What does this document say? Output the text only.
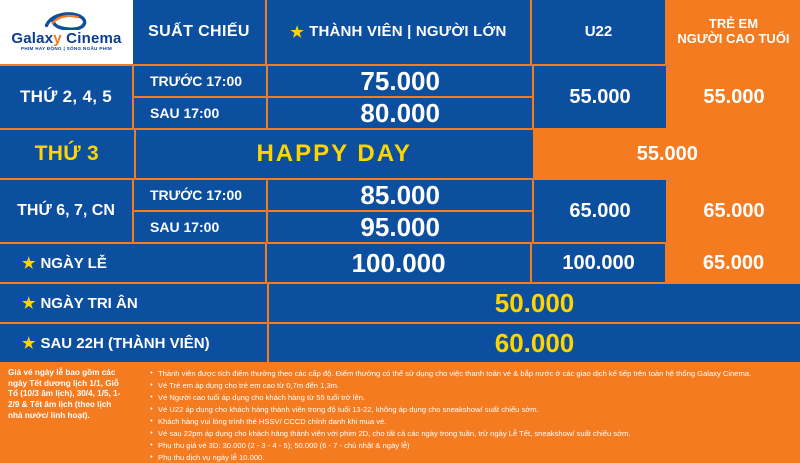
Galaxy Cinema
PHIM HAY ĐỘNG | SỐNG NGẦU PHIM
SUẤT CHIẾU	★ THÀNH VIÊN | NGƯỜI LỚN	U22	TRẺ EM
NGƯỜI CAO TUỔI
THỨ 2, 4, 5
TRƯỚC 17:00	75.000
SAU 17:00	80.000
55.000	55.000
THỨ 3	HAPPY DAY	55.000
THỨ 6, 7, CN
TRƯỚC 17:00	85.000
SAU 17:00	95.000
65.000	65.000
★ NGÀY LỄ	100.000	100.000	65.000
★ NGÀY TRI ÂN	50.000
★ SAU 22H (THÀNH VIÊN)	60.000
Giá vé ngày lễ bao gồm các ngày Tết dương lịch 1/1, Giỗ Tổ (10/3 âm lịch), 30/4, 1/5, 1-2/9 & Tết âm lịch (theo lịch nhà nước/ linh hoạt).
• Thành viên được tích điểm thưởng theo các cấp độ. Điểm thưởng có thể sử dụng cho việc thanh toán vé & bắp nước ở các giao dịch kế tiếp trên toàn hệ thống Galaxy Cinema.
• Vé Trẻ em áp dụng cho trẻ em cao từ 0,7m đến 1,3m.
• Vé Người cao tuổi áp dụng cho khách hàng từ 55 tuổi trở lên.
• Vé U22 áp dụng cho khách hàng thành viên trong độ tuổi 13-22, không áp dụng cho sneakshow/ suất chiếu sớm.
• Khách hàng vui lòng trình thẻ HSSV/ CCCD chính danh khi mua vé.
• Vé sau 22pm áp dụng cho khách hàng thành viên với phim 2D, cho tất cả các ngày trong tuần, trừ ngày Lễ Tết, sneakshow/ suất chiếu sớm.
• Phụ thu giá vé 3D: 30.000 (2 - 3 - 4 - 5); 50.000 (6 - 7 - chủ nhật & ngày lễ)
• Phụ thu dịch vụ ngày lễ 10.000.
